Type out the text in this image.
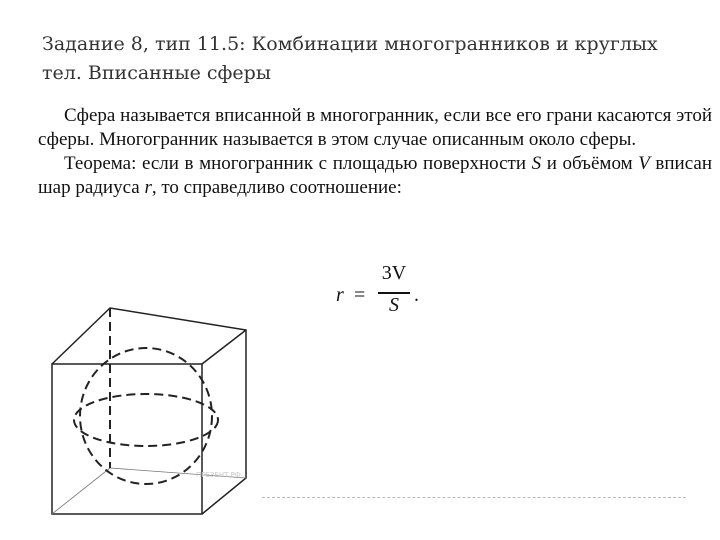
Задание 8, тип 11.5: Комбинации многогранников и круглых тел. Вписанные сферы

Сфера называется вписанной в многогранник, если все его грани касаются этой сферы. Многогранник называется в этом случае описанным около сферы.

Теорема: если в многогранник с площадью поверхности S и объёмом V вписан шар радиуса r, то справедливо соотношение:

r =
3V
S .
ПРЕЗЕНТ.РФ
